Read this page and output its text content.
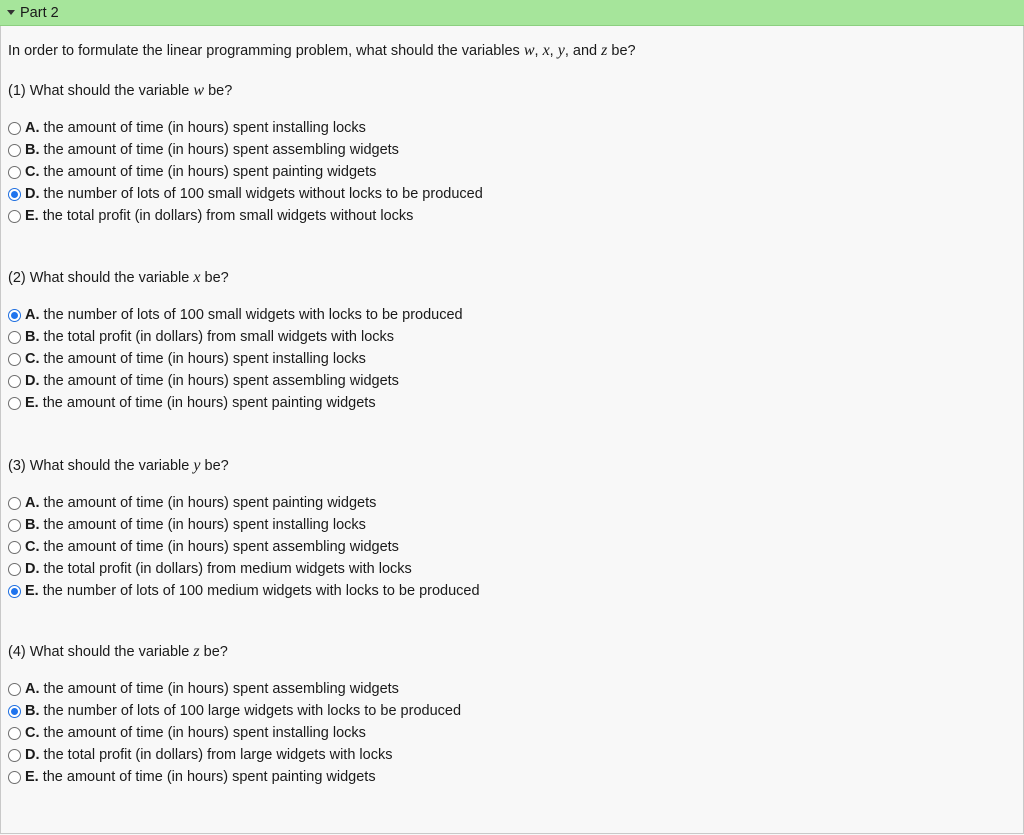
Part 2
In order to formulate the linear programming problem, what should the variables w, x, y, and z be?
(1) What should the variable w be?
A. the amount of time (in hours) spent installing locks
B. the amount of time (in hours) spent assembling widgets
C. the amount of time (in hours) spent painting widgets
D. the number of lots of 100 small widgets without locks to be produced
E. the total profit (in dollars) from small widgets without locks
(2) What should the variable x be?
A. the number of lots of 100 small widgets with locks to be produced
B. the total profit (in dollars) from small widgets with locks
C. the amount of time (in hours) spent installing locks
D. the amount of time (in hours) spent assembling widgets
E. the amount of time (in hours) spent painting widgets
(3) What should the variable y be?
A. the amount of time (in hours) spent painting widgets
B. the amount of time (in hours) spent installing locks
C. the amount of time (in hours) spent assembling widgets
D. the total profit (in dollars) from medium widgets with locks
E. the number of lots of 100 medium widgets with locks to be produced
(4) What should the variable z be?
A. the amount of time (in hours) spent assembling widgets
B. the number of lots of 100 large widgets with locks to be produced
C. the amount of time (in hours) spent installing locks
D. the total profit (in dollars) from large widgets with locks
E. the amount of time (in hours) spent painting widgets
